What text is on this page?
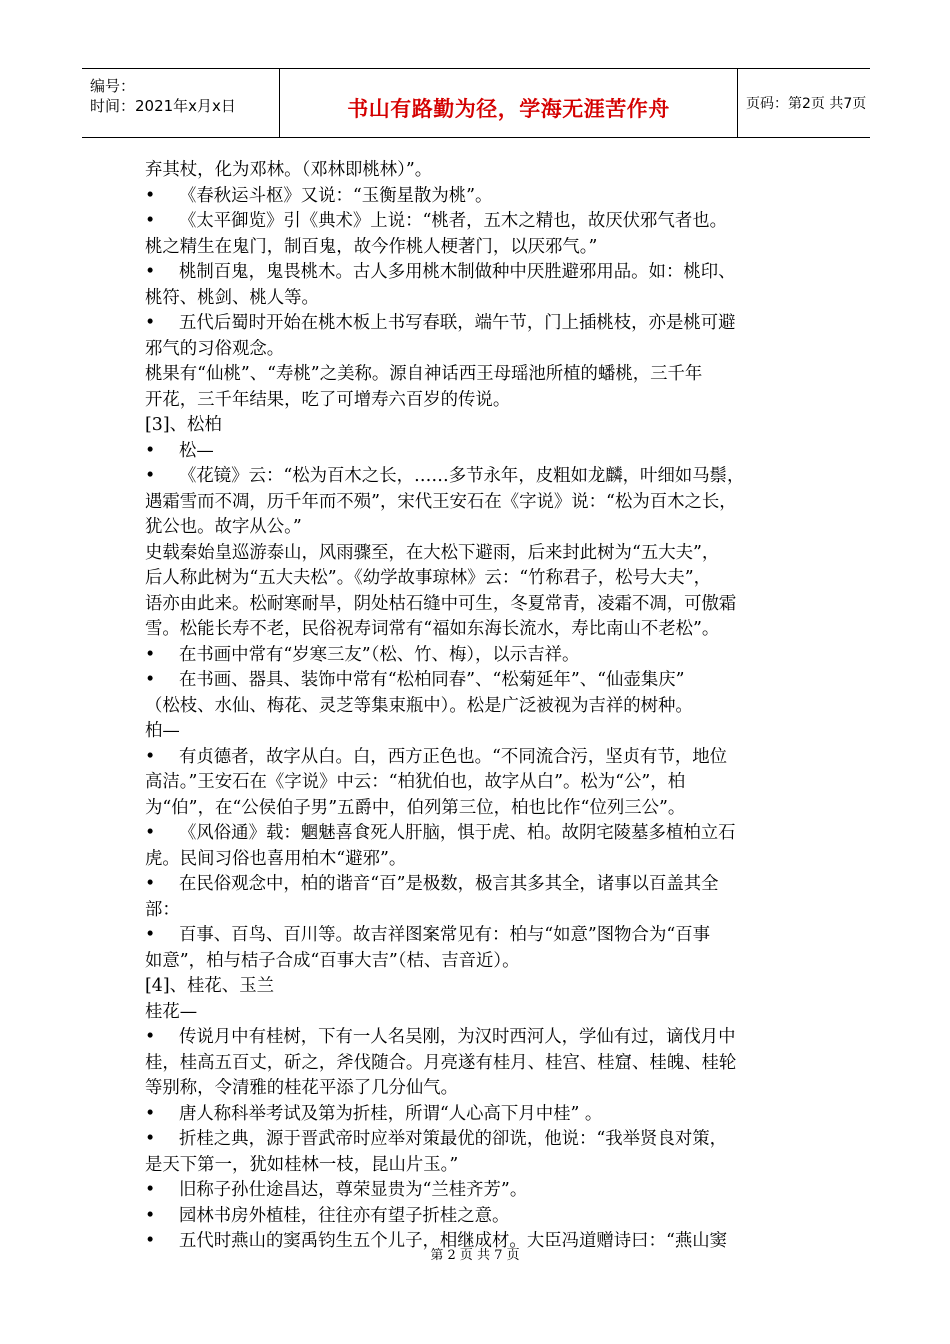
编号：
时间：2021年x月x日	书山有路勤为径，学海无涯苦作舟	页码：第2页 共7页
弃其杖，化为邓林。（邓林即桃林）”。
• 《春秋运斗枢》又说：“玉衡星散为桃”。
• 《太平御览》引《典术》上说：“桃者，五木之精也，故厌伏邪气者也。
桃之精生在鬼门，制百鬼，故今作桃人梗著门，以厌邪气。”
• 桃制百鬼，鬼畏桃木。古人多用桃木制做种中厌胜避邪用品。如：桃印、
桃符、桃剑、桃人等。
• 五代后蜀时开始在桃木板上书写春联，端午节，门上插桃枝，亦是桃可避
邪气的习俗观念。
桃果有“仙桃”、“寿桃”之美称。源自神话西王母瑶池所植的蟠桃，三千年
开花，三千年结果，吃了可增寿六百岁的传说。
[3]、松柏
• 松—
• 《花镜》云：“松为百木之长，……多节永年，皮粗如龙麟，叶细如马鬃，
遇霜雪而不凋，历千年而不殒”，宋代王安石在《字说》说：“松为百木之长，
犹公也。故字从公。”
史载秦始皇巡游泰山，风雨骤至，在大松下避雨，后来封此树为“五大夫”，
后人称此树为“五大夫松”。《幼学故事琼林》云：“竹称君子，松号大夫”，
语亦由此来。松耐寒耐旱，阴处枯石缝中可生，冬夏常青，凌霜不凋，可傲霜
雪。松能长寿不老，民俗祝寿词常有“福如东海长流水，寿比南山不老松”。
• 在书画中常有“岁寒三友”（松、竹、梅），以示吉祥。
• 在书画、器具、装饰中常有“松柏同春”、“松菊延年”、“仙壶集庆”
（松枝、水仙、梅花、灵芝等集束瓶中）。松是广泛被视为吉祥的树种。
柏—
• 有贞德者，故字从白。白，西方正色也。“不同流合污，坚贞有节，地位
高洁。”王安石在《字说》中云：“柏犹伯也，故字从白”。松为“公”，柏
为“伯”，在“公侯伯子男”五爵中，伯列第三位，柏也比作“位列三公”。
• 《风俗通》载：魍魅喜食死人肝脑，惧于虎、柏。故阴宅陵墓多植柏立石
虎。民间习俗也喜用柏木“避邪”。
• 在民俗观念中，柏的谐音“百”是极数，极言其多其全，诸事以百盖其全
部：
• 百事、百鸟、百川等。故吉祥图案常见有：柏与“如意”图物合为“百事
如意”，柏与桔子合成“百事大吉”（桔、吉音近）。
[4]、桂花、玉兰
桂花—
• 传说月中有桂树，下有一人名吴刚，为汉时西河人，学仙有过，谪伐月中
桂，桂高五百丈，斫之，斧伐随合。月亮遂有桂月、桂宫、桂窟、桂魄、桂轮
等别称，令清雅的桂花平添了几分仙气。
• 唐人称科举考试及第为折桂，所谓“人心高下月中桂” 。
• 折桂之典，源于晋武帝时应举对策最优的卻诜，他说：“我举贤良对策，
是天下第一，犹如桂林一枝，昆山片玉。”
• 旧称子孙仕途昌达，尊荣显贵为“兰桂齐芳”。
• 园林书房外植桂，往往亦有望子折桂之意。
• 五代时燕山的窦禹钧生五个儿子，相继成材。大臣冯道赠诗曰：“燕山窦
第 2 页 共 7 页
